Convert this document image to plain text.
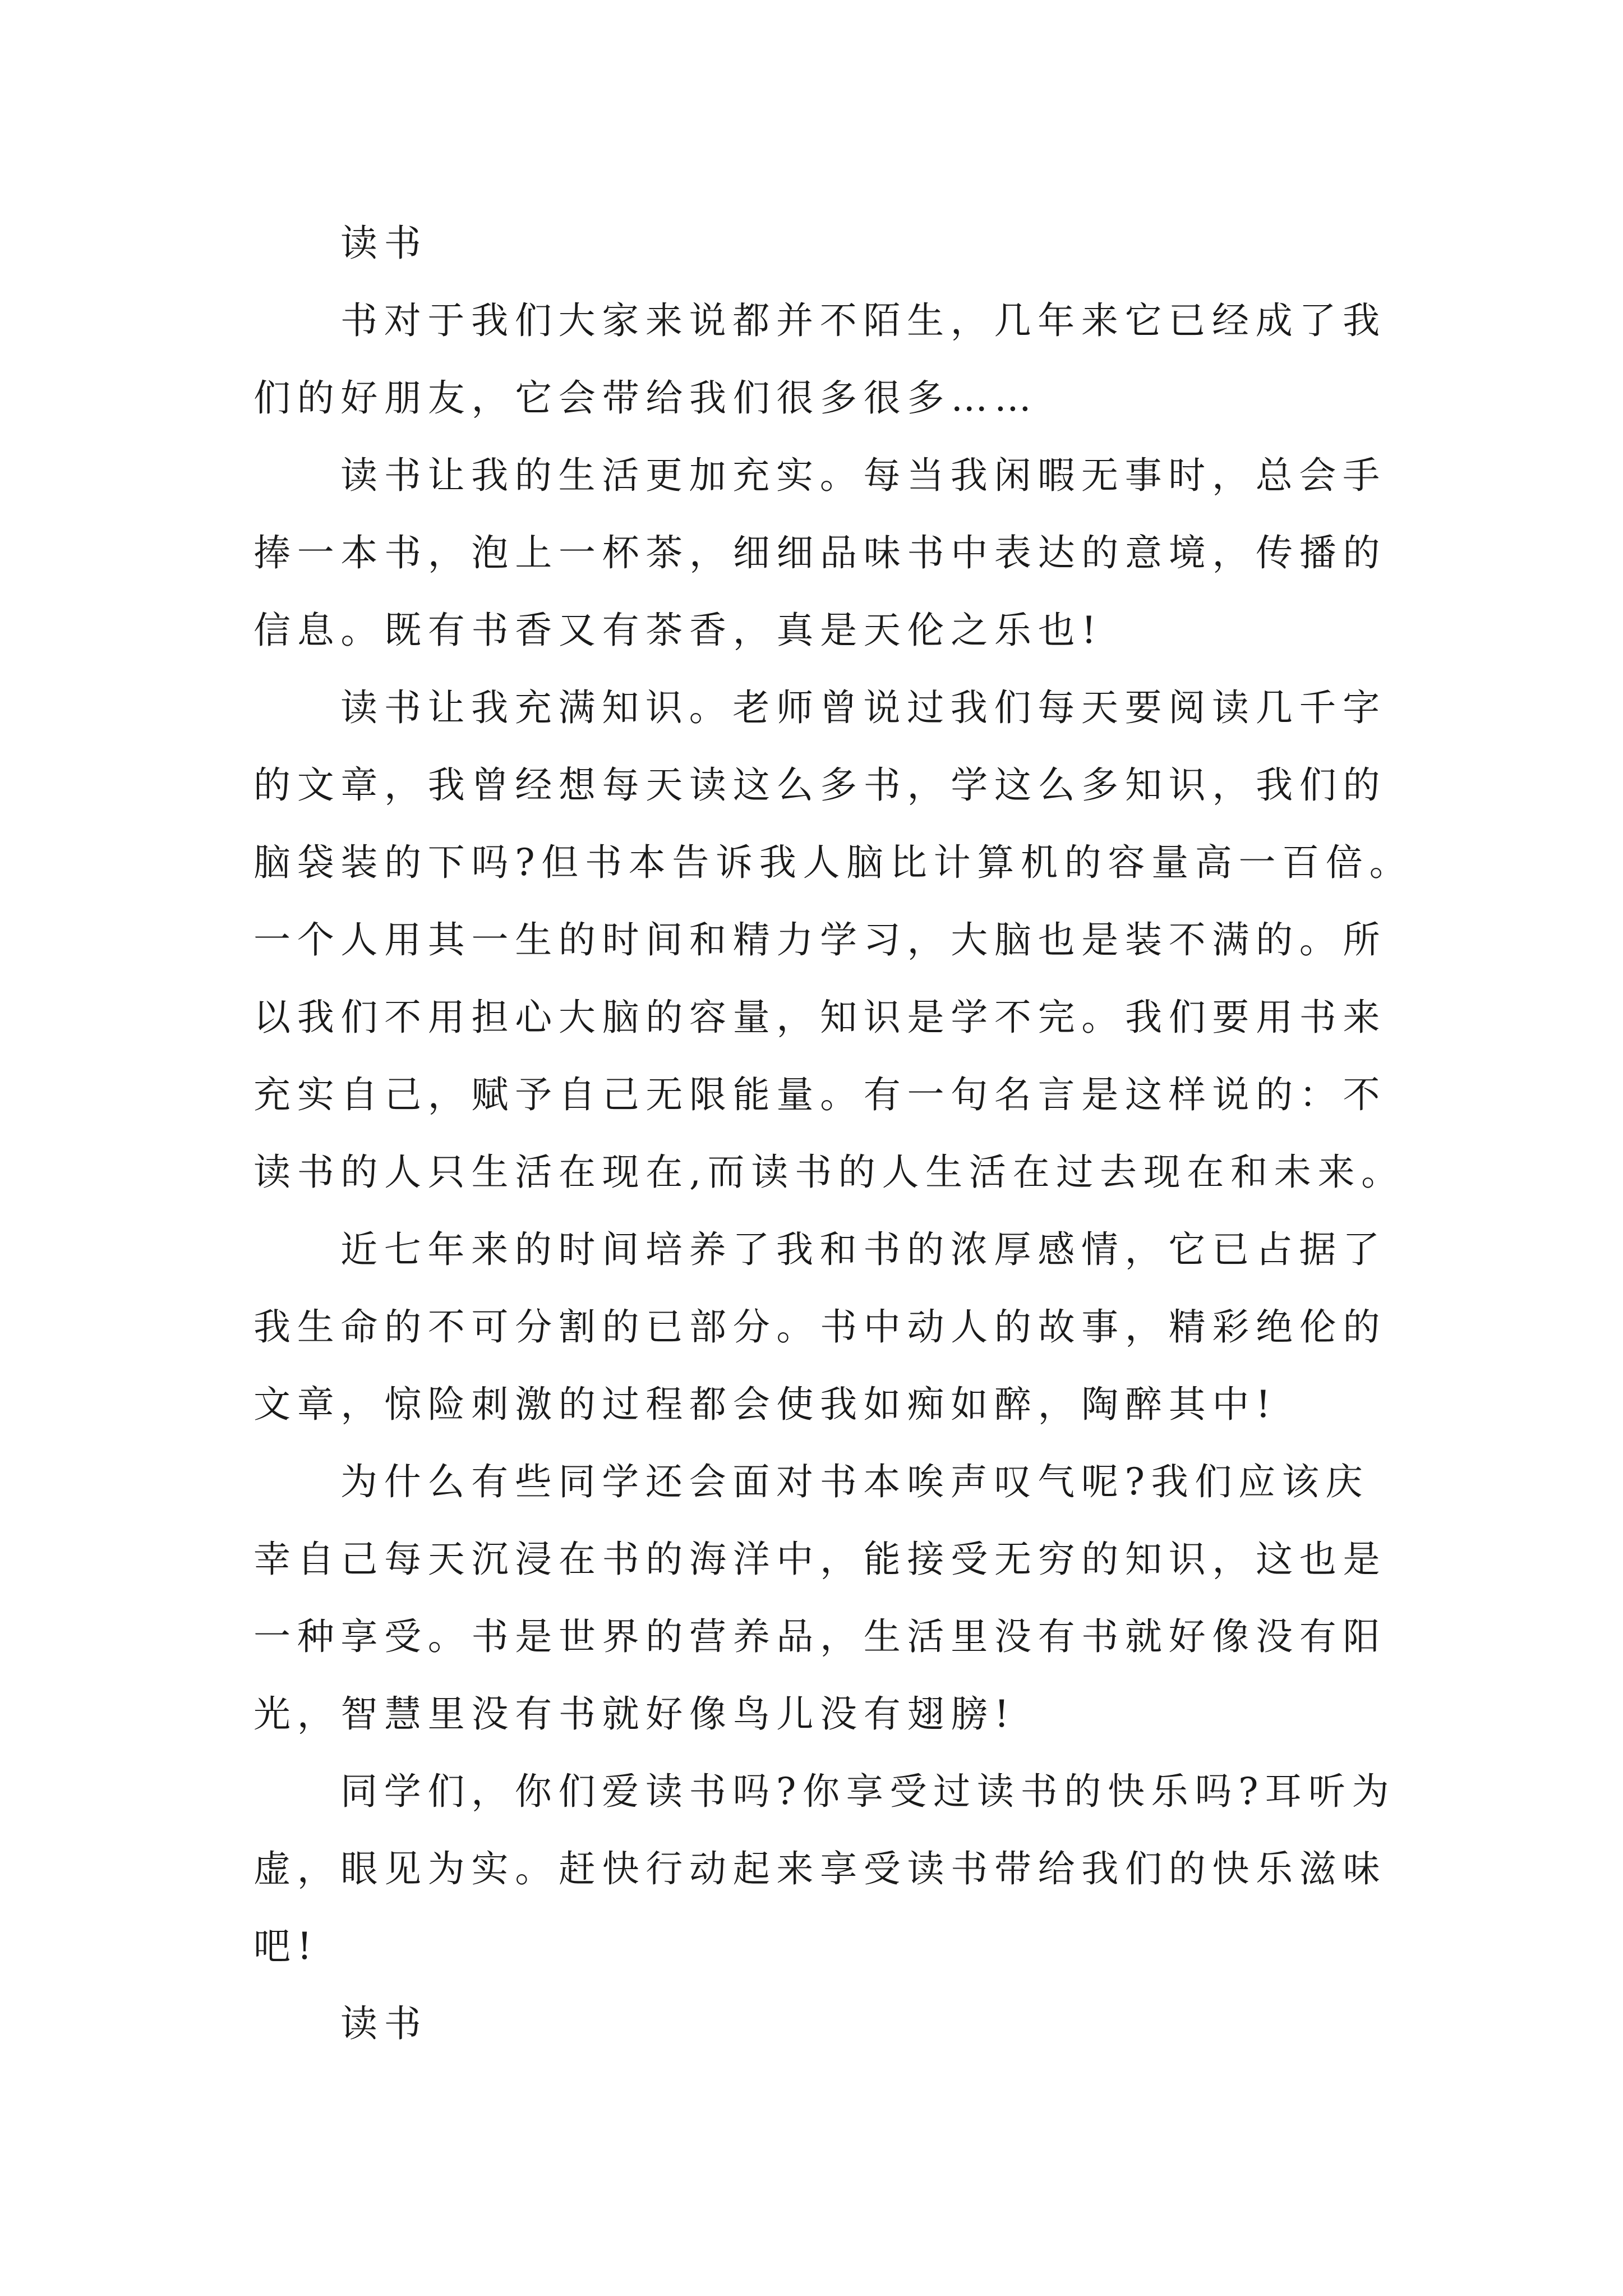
读书
书对于我们大家来说都并不陌生，几年来它已经成了我
们的好朋友，它会带给我们很多很多……
读书让我的生活更加充实。每当我闲暇无事时，总会手
捧一本书，泡上一杯茶，细细品味书中表达的意境，传播的
信息。既有书香又有茶香，真是天伦之乐也!
读书让我充满知识。老师曾说过我们每天要阅读几千字
的文章，我曾经想每天读这么多书，学这么多知识，我们的
脑袋装的下吗?但书本告诉我人脑比计算机的容量高一百倍。
一个人用其一生的时间和精力学习，大脑也是装不满的。所
以我们不用担心大脑的容量，知识是学不完。我们要用书来
充实自己，赋予自己无限能量。有一句名言是这样说的：不
读书的人只生活在现在,而读书的人生活在过去现在和未来。
近七年来的时间培养了我和书的浓厚感情，它已占据了
我生命的不可分割的已部分。书中动人的故事，精彩绝伦的
文章，惊险刺激的过程都会使我如痴如醉，陶醉其中!
为什么有些同学还会面对书本唉声叹气呢?我们应该庆
幸自己每天沉浸在书的海洋中，能接受无穷的知识，这也是
一种享受。书是世界的营养品，生活里没有书就好像没有阳
光，智慧里没有书就好像鸟儿没有翅膀!
同学们，你们爱读书吗?你享受过读书的快乐吗?耳听为
虚，眼见为实。赶快行动起来享受读书带给我们的快乐滋味
吧!
读书
